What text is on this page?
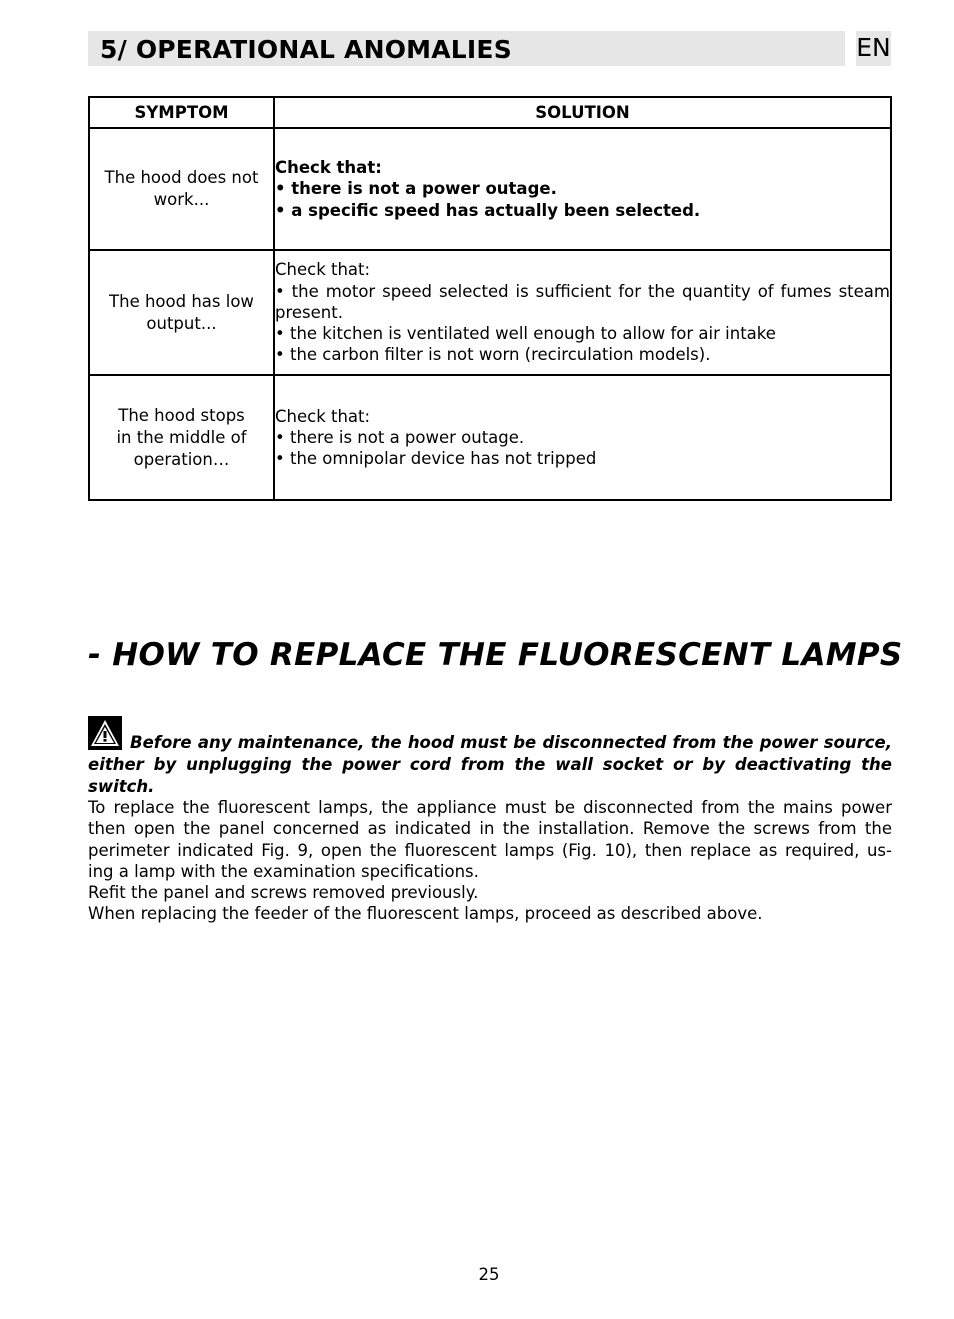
5/ OPERATIONAL ANOMALIES	EN
SYMPTOM	SOLUTION

The hood does not
work...	Check that:
• there is not a power outage.
• a specific speed has actually been selected.

The hood has low
output...	Check that:
• the motor speed selected is sufficient for the quantity of fumes steam present.
• the kitchen is ventilated well enough to allow for air intake
• the carbon filter is not worn (recirculation models).

The hood stops
in the middle of
operation…	Check that:
• there is not a power outage.
• the omnipolar device has not tripped
- HOW TO REPLACE THE FLUORESCENT LAMPS
Before any maintenance, the hood must be disconnected from the power source, either by unplugging the power cord from the wall socket or by deactivating the switch.
To replace the fluorescent lamps, the appliance must be disconnected from the mains power
then open the panel concerned as indicated in the installation. Remove the screws from the
perimeter indicated Fig. 9, open the fluorescent lamps (Fig. 10), then replace as required, us-
ing a lamp with the examination specifications.
Refit the panel and screws removed previously.
When replacing the feeder of the fluorescent lamps, proceed as described above.
25
